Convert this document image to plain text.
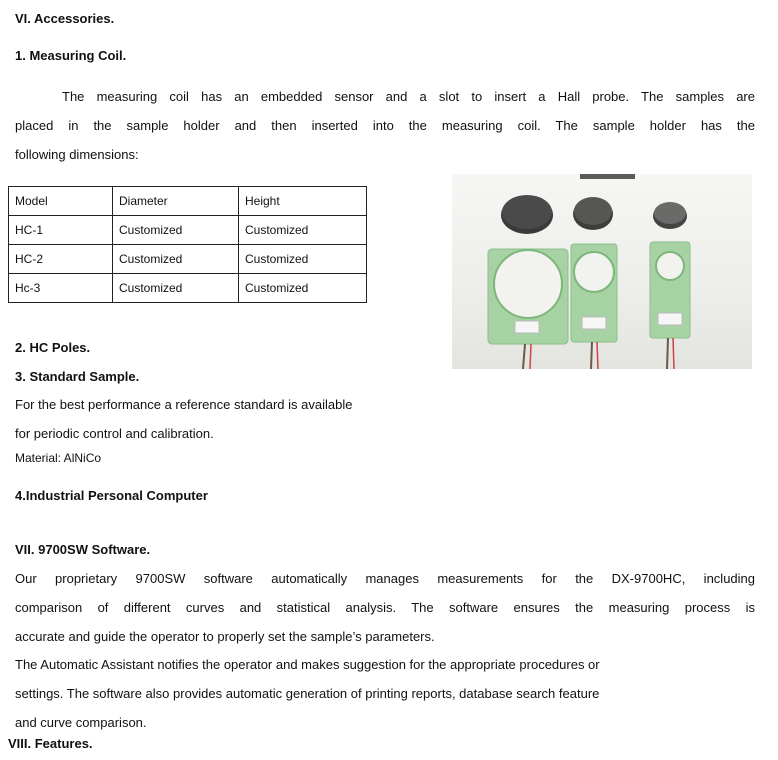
VI. Accessories.
1. Measuring Coil.
The measuring coil has an embedded sensor and a slot to insert a Hall probe. The samples are
placed in the sample holder and then inserted into the measuring coil. The sample holder has the
following dimensions:
Model	Diameter	Height
HC-1	Customized	Customized
HC-2	Customized	Customized
Hc-3	Customized	Customized
2. HC Poles.
3. Standard Sample.
For the best performance a reference standard is available
for periodic control and calibration.
Material: AlNiCo
4.Industrial Personal Computer
VII. 9700SW Software.
Our proprietary 9700SW software automatically manages measurements for the DX-9700HC, including
comparison of different curves and statistical analysis. The software ensures the measuring process is
accurate and guide the operator to properly set the sample’s parameters.
The Automatic Assistant notifies the operator and makes suggestion for the appropriate procedures or
settings. The software also provides automatic generation of printing reports, database search feature
and curve comparison.
VIII. Features.
